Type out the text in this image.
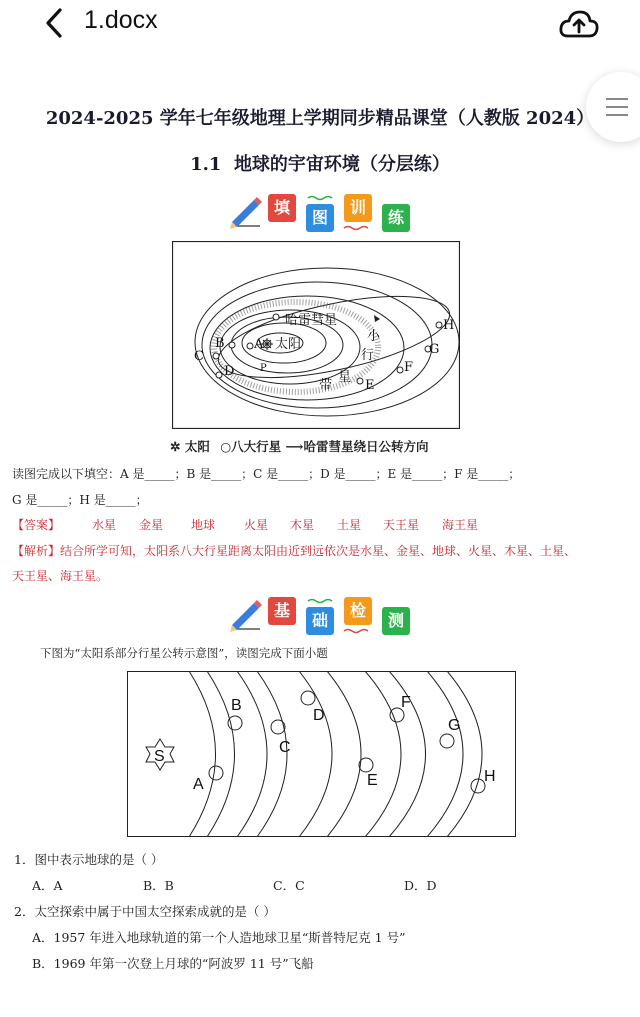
1.docx
2024-2025 学年七年级地理上学期同步精品课堂（人教版 2024）
1.1 地球的宇宙环境（分层练）
填
图
训
练
哈雷彗星
太阳
A
B
C
D
E
F
G
H
P
小
行
带
星
✲ 太阳 ○八大行星 ⟶哈雷彗星绕日公转方向
读图完成以下填空：A 是_____；B 是_____；C 是_____；D 是_____；E 是_____；F 是_____；
G 是_____；H 是_____；
【答案】	水星 金星 地球 火星 木星 土星 天王星 海王星
【解析】结合所学可知，太阳系八大行星距离太阳由近到远依次是水星、金星、地球、火星、木星、土星、
天王星、海王星。
基
础
检
测
下图为“太阳系部分行星公转示意图”，读图完成下面小题
S
A
B
C
D
E
F
G
H
1．图中表示地球的是（ ）
A．A	B．B	C．C	D．D
2．太空探索中属于中国太空探索成就的是（ ）
A．1957 年进入地球轨道的第一个人造地球卫星“斯普特尼克 1 号”
B．1969 年第一次登上月球的“阿波罗 11 号”飞船
